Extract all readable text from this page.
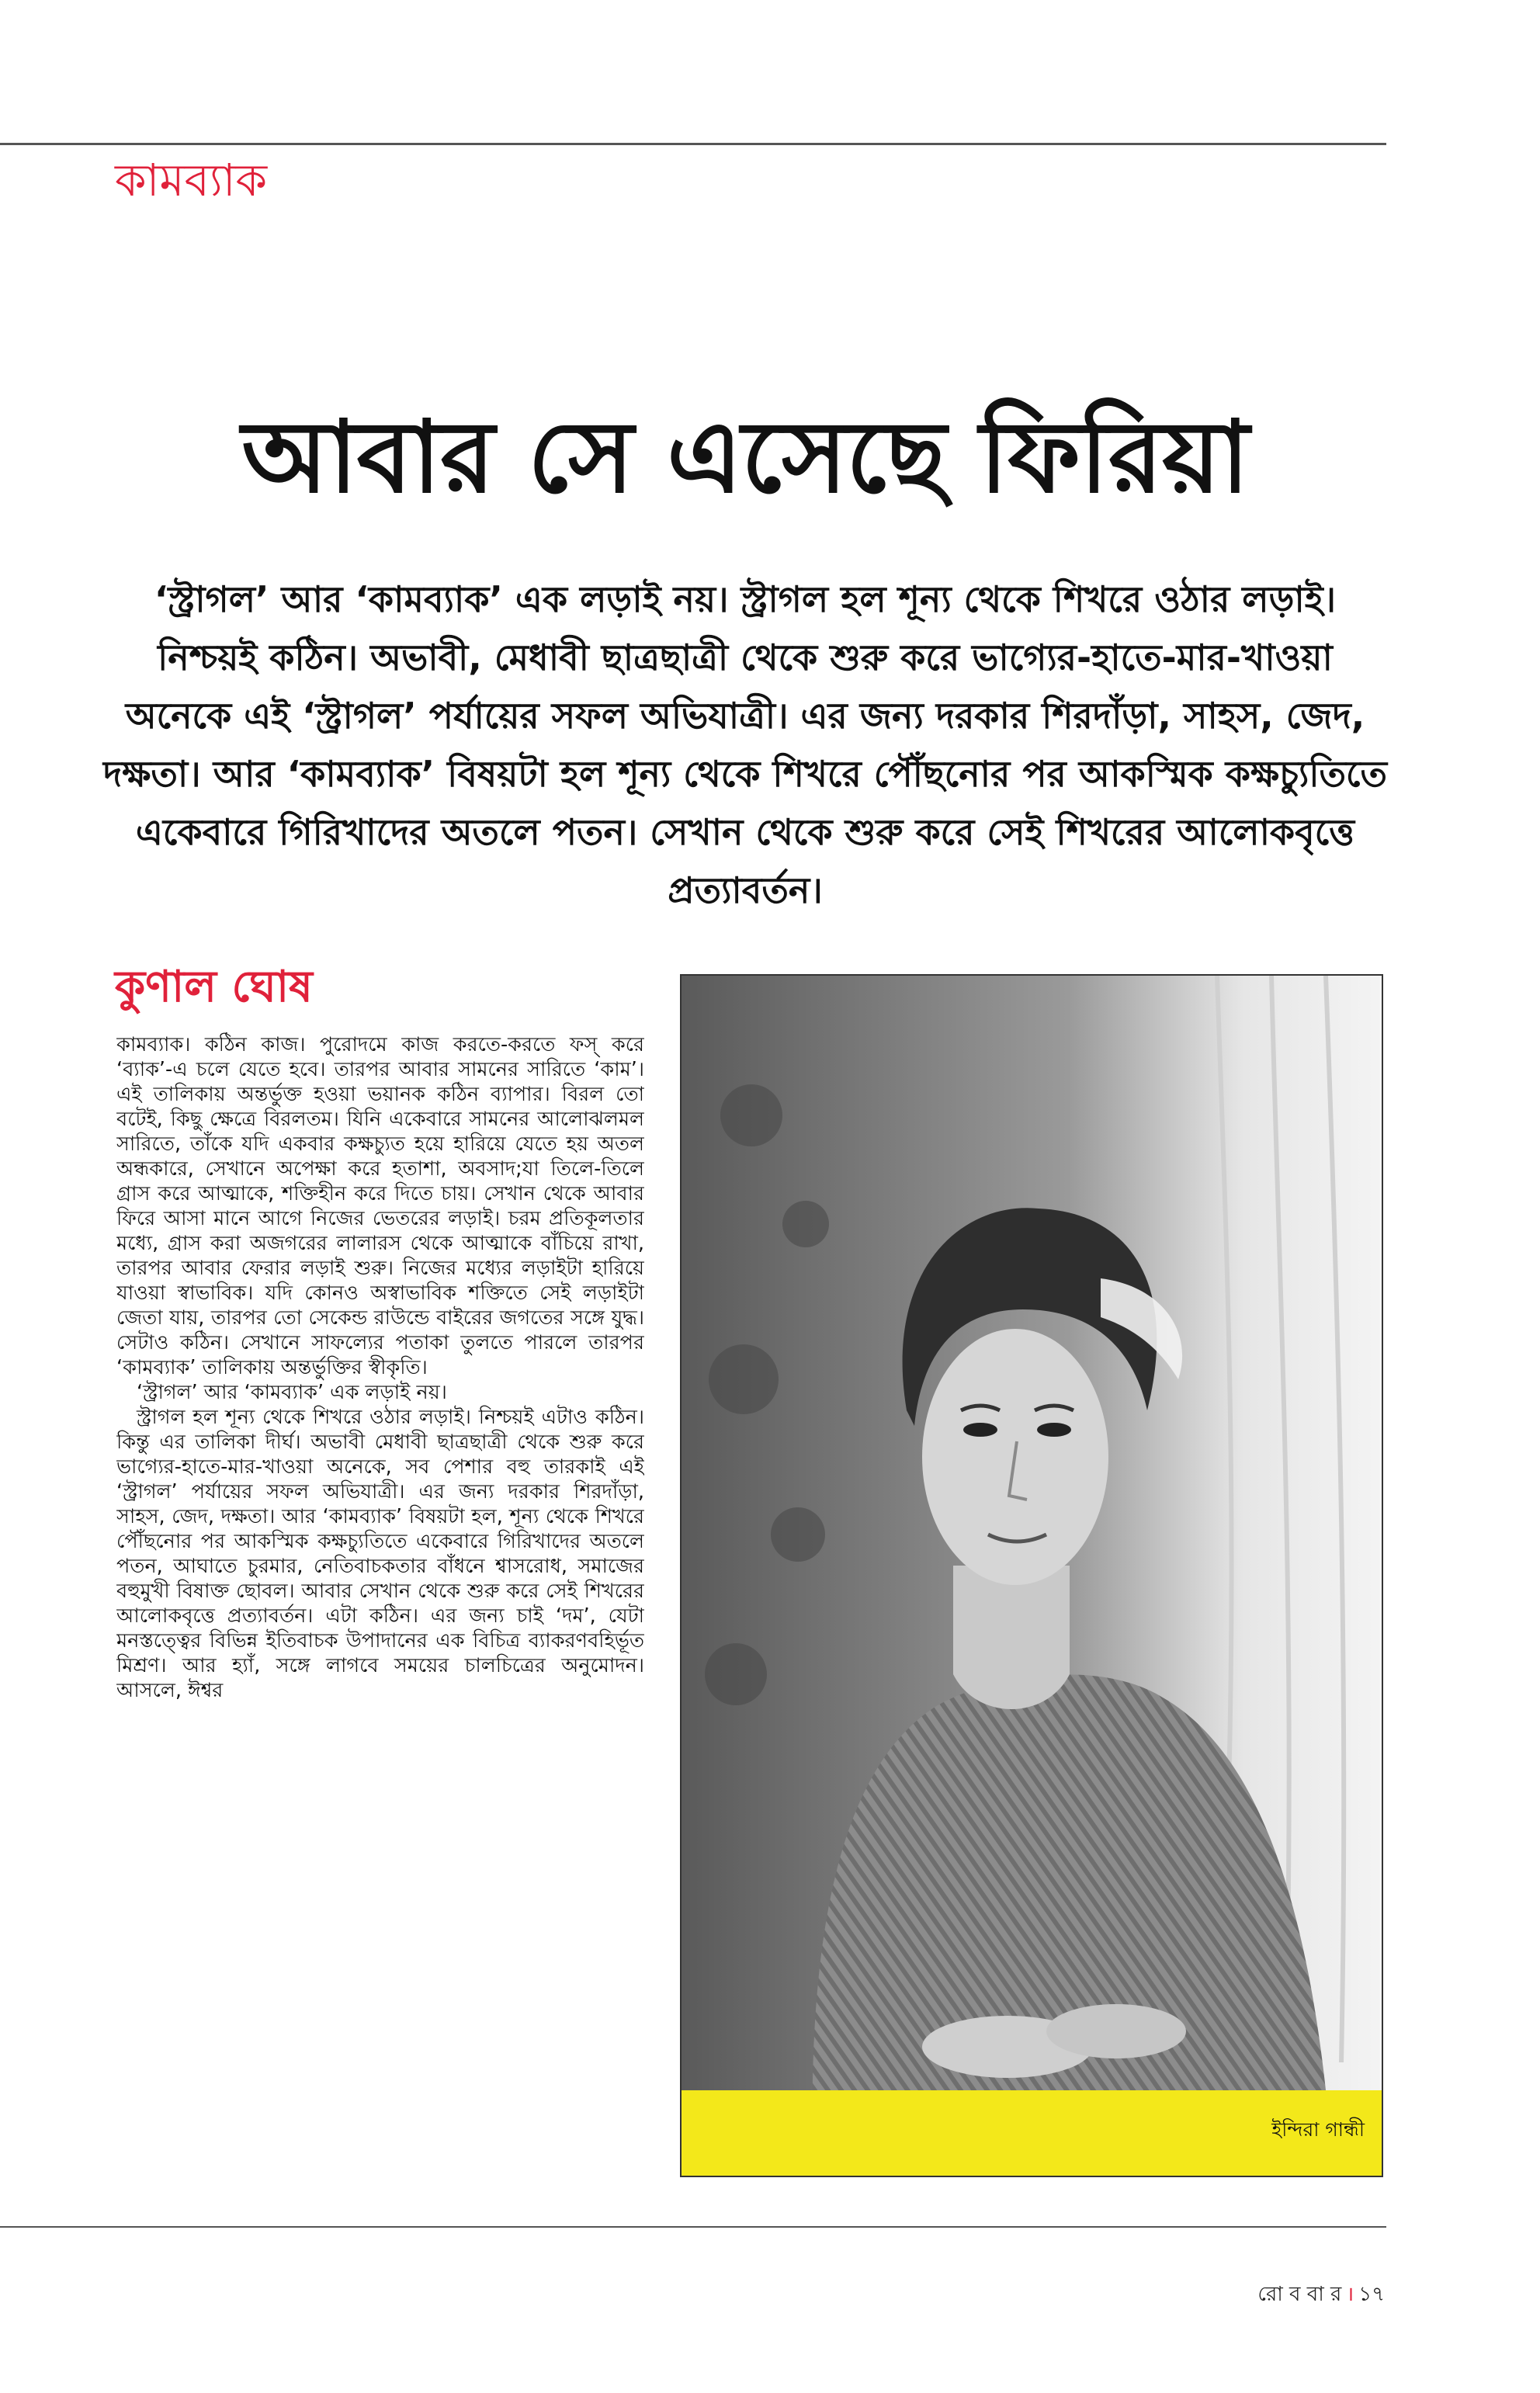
কামব্যাক
আবার সে এসেছে ফিরিয়া
‘স্ট্রাগল’ আর ‘কামব্যাক’ এক লড়াই নয়। স্ট্রাগল হল শূন্য থেকে শিখরে ওঠার লড়াই। নিশ্চয়ই কঠিন। অভাবী, মেধাবী ছাত্রছাত্রী থেকে শুরু করে ভাগ্যের-হাতে-মার-খাওয়া অনেকে এই ‘স্ট্রাগল’ পর্যায়ের সফল অভিযাত্রী। এর জন্য দরকার শিরদাঁড়া, সাহস, জেদ, দক্ষতা। আর ‘কামব্যাক’ বিষয়টা হল শূন্য থেকে শিখরে পৌঁছনোর পর আকস্মিক কক্ষচ্যুতিতে একেবারে গিরিখাদের অতলে পতন। সেখান থেকে শুরু করে সেই শিখরের আলোকবৃত্তে প্রত্যাবর্তন।
কুণাল ঘোষ

কামব্যাক। কঠিন কাজ। পুরোদমে কাজ করতে-করতে ফস্ করে ‘ব্যাক’-এ চলে যেতে হবে। তারপর আবার সামনের সারিতে ‘কাম’। এই তালিকায় অন্তর্ভুক্ত হওয়া ভয়ানক কঠিন ব্যাপার। বিরল তো বটেই, কিছু ক্ষেত্রে বিরলতম। যিনি একেবারে সামনের আলোঝলমল সারিতে, তাঁকে যদি একবার কক্ষচ্যুত হয়ে হারিয়ে যেতে হয় অতল অন্ধকারে, সেখানে অপেক্ষা করে হতাশা, অবসাদ;যা তিলে-তিলে গ্রাস করে আত্মাকে, শক্তিহীন করে দিতে চায়। সেখান থেকে আবার ফিরে আসা মানে আগে নিজের ভেতরের লড়াই। চরম প্রতিকূলতার মধ্যে, গ্রাস করা অজগরের লালারস থেকে আত্মাকে বাঁচিয়ে রাখা, তারপর আবার ফেরার লড়াই শুরু। নিজের মধ্যের লড়াইটা হারিয়ে যাওয়া স্বাভাবিক। যদি কোনও অস্বাভাবিক শক্তিতে সেই লড়াইটা জেতা যায়, তারপর তো সেকেন্ড রাউন্ডে বাইরের জগতের সঙ্গে যুদ্ধ। সেটাও কঠিন। সেখানে সাফল্যের পতাকা তুলতে পারলে তারপর ‘কামব্যাক’ তালিকায় অন্তর্ভুক্তির স্বীকৃতি।

‘স্ট্রাগল’ আর ‘কামব্যাক’ এক লড়াই নয়।

স্ট্রাগল হল শূন্য থেকে শিখরে ওঠার লড়াই। নিশ্চয়ই এটাও কঠিন। কিন্তু এর তালিকা দীর্ঘ। অভাবী মেধাবী ছাত্রছাত্রী থেকে শুরু করে ভাগ্যের-হাতে-মার-খাওয়া অনেকে, সব পেশার বহু তারকাই এই ‘স্ট্রাগল’ পর্যায়ের সফল অভিযাত্রী। এর জন্য দরকার শিরদাঁড়া, সাহস, জেদ, দক্ষতা। আর ‘কামব্যাক’ বিষয়টা হল, শূন্য থেকে শিখরে পৌঁছনোর পর আকস্মিক কক্ষচ্যুতিতে একেবারে গিরিখাদের অতলে পতন, আঘাতে চুরমার, নেতিবাচকতার বাঁধনে শ্বাসরোধ, সমাজের বহুমুখী বিষাক্ত ছোবল। আবার সেখান থেকে শুরু করে সেই শিখরের আলোকবৃত্তে প্রত্যাবর্তন। এটা কঠিন। এর জন্য চাই ‘দম’, যেটা মনস্তত্ত্বের বিভিন্ন ইতিবাচক উপাদানের এক বিচিত্র ব্যাকরণবহির্ভূত মিশ্রণ। আর হ্যাঁ, সঙ্গে লাগবে সময়ের চালচিত্রের অনুমোদন। আসলে, ঈশ্বর

ইন্দিরা গান্ধী
রো ব বা র । ১৭
